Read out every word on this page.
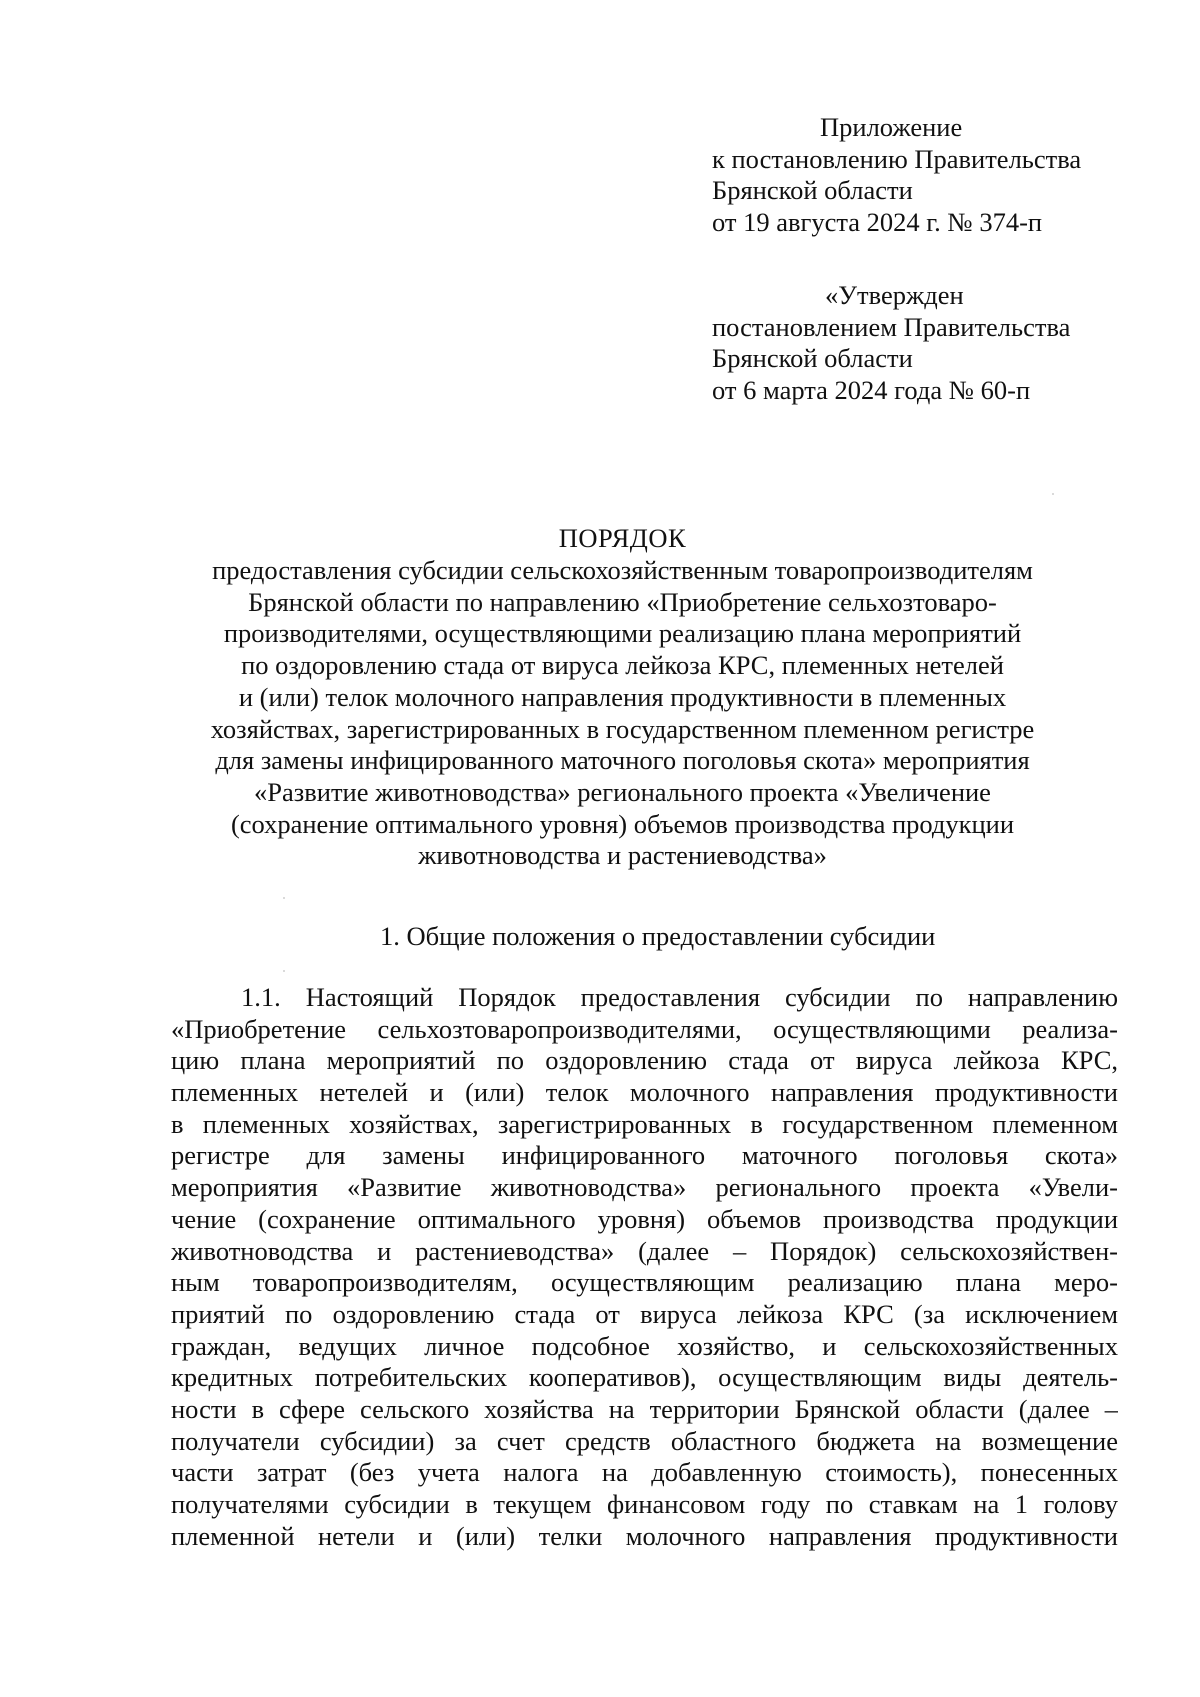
Приложение
к постановлению Правительства
Брянской области
от 19 августа 2024 г. № 374-п
«Утвержден
постановлением Правительства
Брянской области
от 6 марта 2024 года № 60-п
ПОРЯДОК
предоставления субсидии сельскохозяйственным товаропроизводителям
Брянской области по направлению «Приобретение сельхозтоваро-
производителями, осуществляющими реализацию плана мероприятий
по оздоровлению стада от вируса лейкоза КРС, племенных нетелей
и (или) телок молочного направления продуктивности в племенных
хозяйствах, зарегистрированных в государственном племенном регистре
для замены инфицированного маточного поголовья скота» мероприятия
«Развитие животноводства» регионального проекта «Увеличение
(сохранение оптимального уровня) объемов производства продукции
животноводства и растениеводства»
1. Общие положения о предоставлении субсидии
1.1. Настоящий Порядок предоставления субсидии по направлению
«Приобретение сельхозтоваропроизводителями, осуществляющими реализа-
цию плана мероприятий по оздоровлению стада от вируса лейкоза КРС,
племенных нетелей и (или) телок молочного направления продуктивности
в племенных хозяйствах, зарегистрированных в государственном племенном
регистре для замены инфицированного маточного поголовья скота»
мероприятия «Развитие животноводства» регионального проекта «Увели-
чение (сохранение оптимального уровня) объемов производства продукции
животноводства и растениеводства» (далее – Порядок) сельскохозяйствен-
ным товаропроизводителям, осуществляющим реализацию плана меро-
приятий по оздоровлению стада от вируса лейкоза КРС (за исключением
граждан, ведущих личное подсобное хозяйство, и сельскохозяйственных
кредитных потребительских кооперативов), осуществляющим виды деятель-
ности в сфере сельского хозяйства на территории Брянской области (далее –
получатели субсидии) за счет средств областного бюджета на возмещение
части затрат (без учета налога на добавленную стоимость), понесенных
получателями субсидии в текущем финансовом году по ставкам на 1 голову
племенной нетели и (или) телки молочного направления продуктивности
